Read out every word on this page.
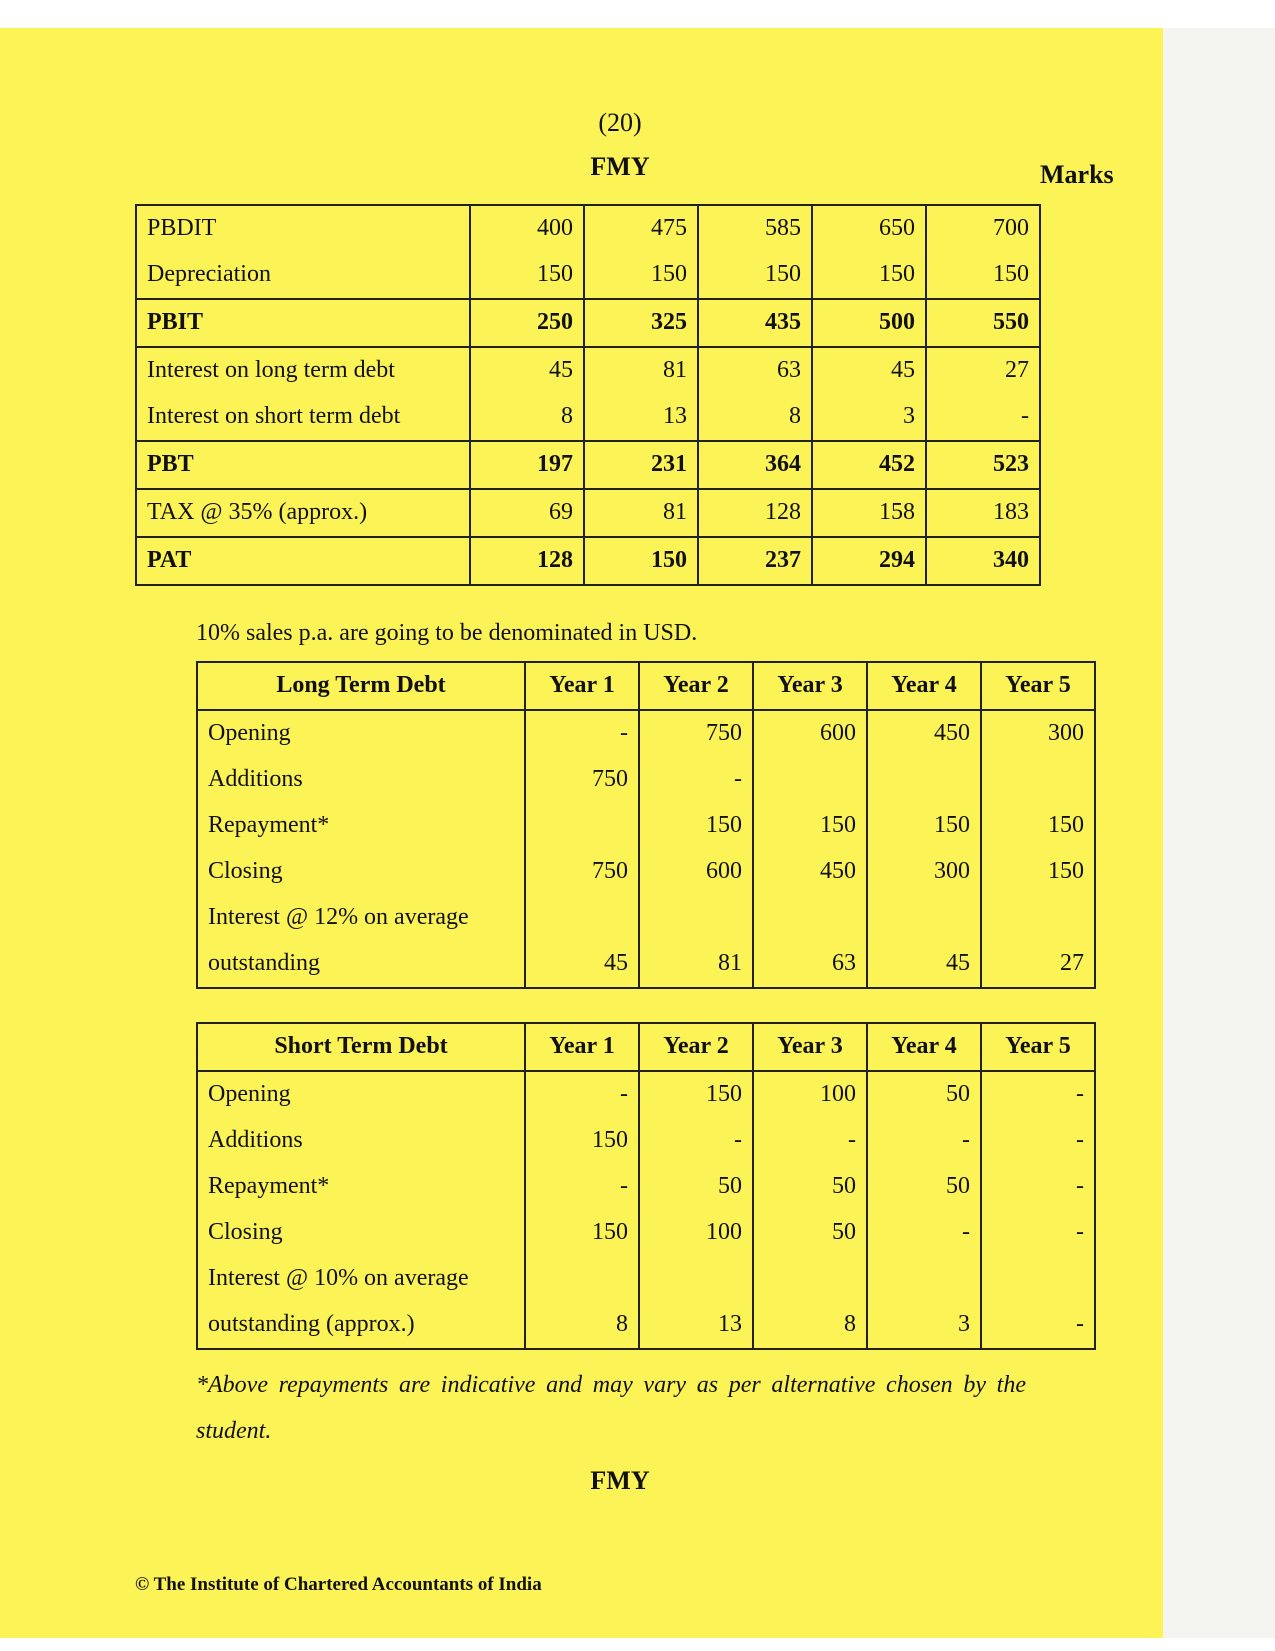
(20)
FMY	Marks
PBDIT	400	475	585	650	700
Depreciation	150	150	150	150	150
PBIT	250	325	435	500	550
Interest on long term debt	45	81	63	45	27
Interest on short term debt	8	13	8	3	-
PBT	197	231	364	452	523
TAX @ 35% (approx.)	69	81	128	158	183
PAT	128	150	237	294	340
10% sales p.a. are going to be denominated in USD.
Long Term Debt	Year 1	Year 2	Year 3	Year 4	Year 5
Opening	-	750	600	450	300
Additions	750	-			
Repayment*		150	150	150	150
Closing	750	600	450	300	150
Interest @ 12% on average					
outstanding	45	81	63	45	27
Short Term Debt	Year 1	Year 2	Year 3	Year 4	Year 5
Opening	-	150	100	50	-
Additions	150	-	-	-	-
Repayment*	-	50	50	50	-
Closing	150	100	50	-	-
Interest @ 10% on average					
outstanding (approx.)	8	13	8	3	-
*Above repayments are indicative and may vary as per alternative chosen by the student.
FMY
© The Institute of Chartered Accountants of India
